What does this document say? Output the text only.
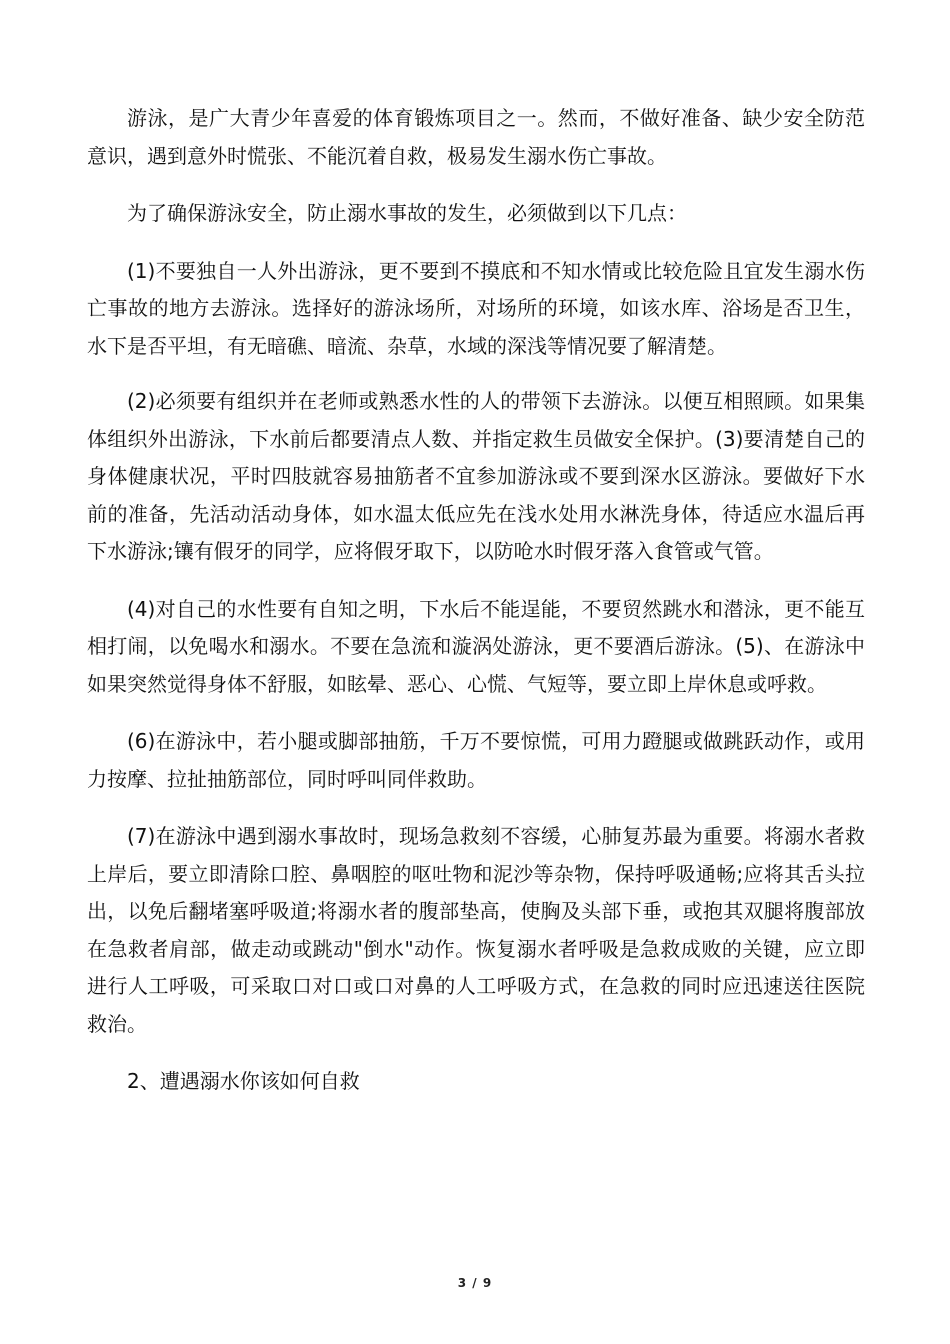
游泳，是广大青少年喜爱的体育锻炼项目之一。然而，不做好准备、缺少安全防范意识，遇到意外时慌张、不能沉着自救，极易发生溺水伤亡事故。

为了确保游泳安全，防止溺水事故的发生，必须做到以下几点：

(1)不要独自一人外出游泳，更不要到不摸底和不知水情或比较危险且宜发生溺水伤亡事故的地方去游泳。选择好的游泳场所，对场所的环境，如该水库、浴场是否卫生，水下是否平坦，有无暗礁、暗流、杂草，水域的深浅等情况要了解清楚。

(2)必须要有组织并在老师或熟悉水性的人的带领下去游泳。以便互相照顾。如果集体组织外出游泳，下水前后都要清点人数、并指定救生员做安全保护。(3)要清楚自己的身体健康状况，平时四肢就容易抽筋者不宜参加游泳或不要到深水区游泳。要做好下水前的准备，先活动活动身体，如水温太低应先在浅水处用水淋洗身体，待适应水温后再下水游泳;镶有假牙的同学，应将假牙取下，以防呛水时假牙落入食管或气管。

(4)对自己的水性要有自知之明，下水后不能逞能，不要贸然跳水和潜泳，更不能互相打闹，以免喝水和溺水。不要在急流和漩涡处游泳，更不要酒后游泳。(5)、在游泳中如果突然觉得身体不舒服，如眩晕、恶心、心慌、气短等，要立即上岸休息或呼救。

(6)在游泳中，若小腿或脚部抽筋，千万不要惊慌，可用力蹬腿或做跳跃动作，或用力按摩、拉扯抽筋部位，同时呼叫同伴救助。

(7)在游泳中遇到溺水事故时，现场急救刻不容缓，心肺复苏最为重要。将溺水者救上岸后，要立即清除口腔、鼻咽腔的呕吐物和泥沙等杂物，保持呼吸通畅;应将其舌头拉出，以免后翻堵塞呼吸道;将溺水者的腹部垫高，使胸及头部下垂，或抱其双腿将腹部放在急救者肩部，做走动或跳动"倒水"动作。恢复溺水者呼吸是急救成败的关键，应立即进行人工呼吸，可采取口对口或口对鼻的人工呼吸方式，在急救的同时应迅速送往医院救治。

2、遭遇溺水你该如何自救

3 / 9
